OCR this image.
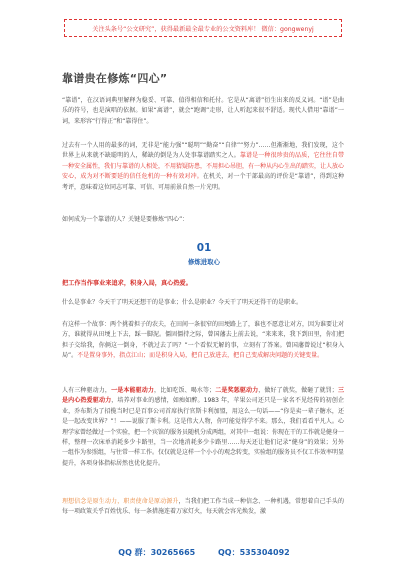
关注头条号“公文研究”，获得最新最全最专业的公文资料库！ 微信：gongwenyj
靠谱贵在修炼“四心”
“靠谱”，在汉语词典里解释为稳妥、可靠、值得相信和托付。它是从“离谱”衍生出来的反义词。“谱”是曲乐的符号，也是演唱的依据。如果“离谱”，就会“跑调”走形，让人听起来很不舒适。现代人借用“靠谱”一词，来形容“行得正”和“靠得住”。
过去有一个人用的最多的词，无非是“能力强”“聪明”“勤奋”“自律”“努力”……但渐渐地，我们发现，这个世界上从来就不缺聪明的人，稀缺的倒是为人处事靠谱踏实之人。靠谱是一种很珍贵的品质，它往往自带一种安全属性，我们与靠谱的人相处，不用猜疑防患，不用担心吊胆，有一种从内心生出的踏实，让人放心安心，成为对不断要延的信任危机的一种有效对冲。在机关，对一个干部最高的评价是“靠谱”，得到这种考评，意味着这位同志可靠、可信、可用前景自然一片光明。
如何成为一个靠谱的人？关键是要修炼“四心”：
01
修炼进取心
把工作当作事业来追求，积身入局，真心热爱。
什么是事业？今天干了明天还想干的是事业；什么是职业？今天干了明天还得干的是职业。
有这样一个故事：两个挑着担子的农夫，在田间一条很窄的田埂路上了，谁也不愿意让对方，因为谁要让对方，谁就得从田埂上下去，踩一脚泥。僵固僵持之际，曾国藩去上前去说，“来来来，我下到田里，你们把担子交给我，你俩这一倒身，不就过去了吗？”一个看似无解的事，立刻有了答案。曾国藩曾说过“积身入局”。不是置身事外，指点江山；而是积身入局，把自己放进去，把自己变成解决问题的关键变量。
人有三种驱动力，一是本能驱动力，比如吃饭、喝水等；二是奖惩驱动力，做好了就奖，做砸了就罚；三是内心热爱驱动力，培养对事业的感情，如痴如醉。1983 年，苹果公司还只是一家名不见经传的初创企业，乔布斯为了招揽当时已是百事公司首席执行官斯卡利加盟，用这么一句话——“你是卖一辈子糖水，还是一起改变世界？”！——说服了斯卡利。这是伟大人物，你可能觉得学不来。那么，我们看看平凡人。心理学家曾经做过一个实验，把一个宾馆的服务员随机分成两组，对其中一组说：你现在干的工作就是健身一样，整理一次床单消耗多少卡路里，当一次地消耗多少卡路里……每天还让他们记录“健身”的效果；另外一组作为参照组，与往常一样工作。仅仅就是这样一个小小的观念转变，实验组的服务员不仅工作效率明显提升，各项身体指标居然也优化提升。
理想信念是原生动力，职责使命是原动源升，当我们把工作当成一种信念、一种机遇，常想着自己手头的每一项政策关乎百姓忧乐、每一条措施连着万家灯火，每天就会容光焕发，激
QQ 群：30265665	QQ：535304092
